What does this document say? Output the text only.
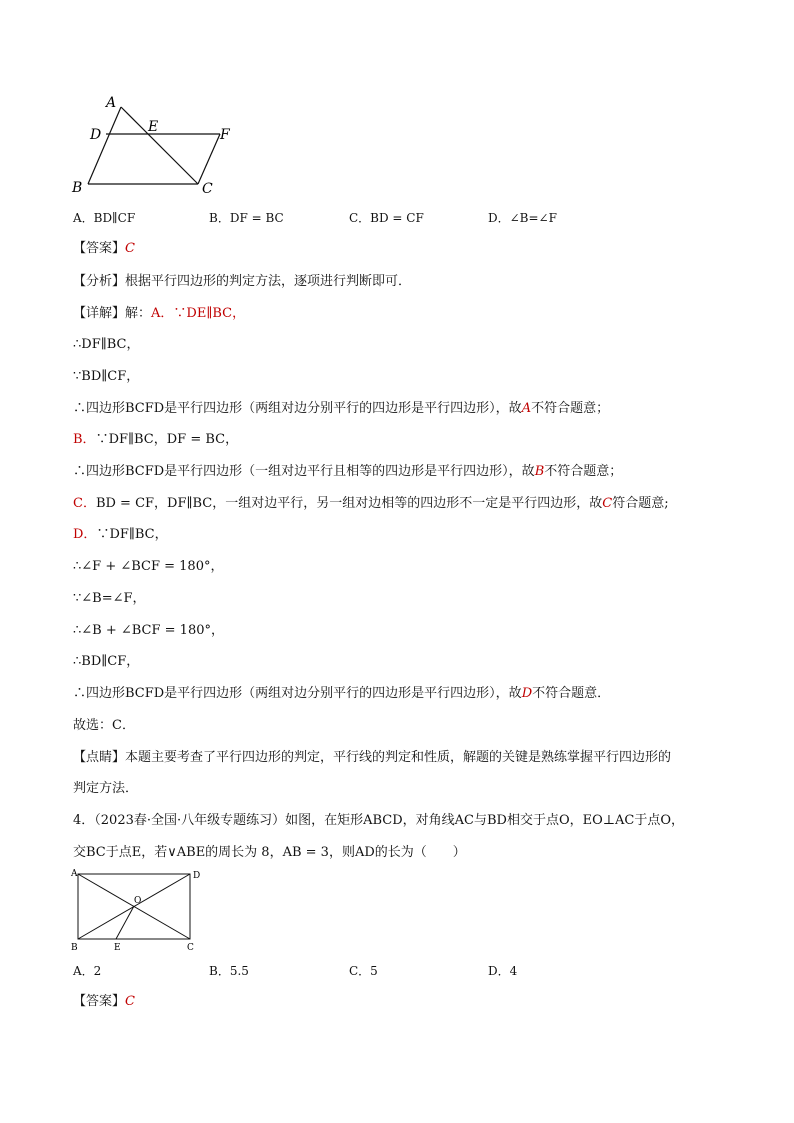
A
D	E	F
B	C
A．BD∥CF	B．DF = BC	C．BD = CF	D．∠B=∠F
【答案】C
【分析】根据平行四边形的判定方法，逐项进行判断即可．
【详解】解：A．∵DE∥BC，
∴DF∥BC，
∵BD∥CF，
∴四边形BCFD是平行四边形（两组对边分别平行的四边形是平行四边形），故A不符合题意；
B．∵DF∥BC，DF = BC，
∴四边形BCFD是平行四边形（一组对边平行且相等的四边形是平行四边形），故B不符合题意；
C．BD = CF，DF∥BC，一组对边平行，另一组对边相等的四边形不一定是平行四边形，故C符合题意;
D．∵DF∥BC，
∴∠F + ∠BCF = 180°，
∵∠B=∠F，
∴∠B + ∠BCF = 180°，
∴BD∥CF，
∴四边形BCFD是平行四边形（两组对边分别平行的四边形是平行四边形），故D不符合题意．
故选：C．
【点睛】本题主要考查了平行四边形的判定，平行线的判定和性质，解题的关键是熟练掌握平行四边形的
判定方法．
4．（2023春·全国·八年级专题练习）如图，在矩形ABCD，对角线AC与BD相交于点O，EO⊥AC于点O，
交BC于点E，若∨ABE的周长为 8，AB = 3，则AD的长为（　　）
A	D
O
B	E	C
A．2	B．5.5	C．5	D．4
【答案】C
